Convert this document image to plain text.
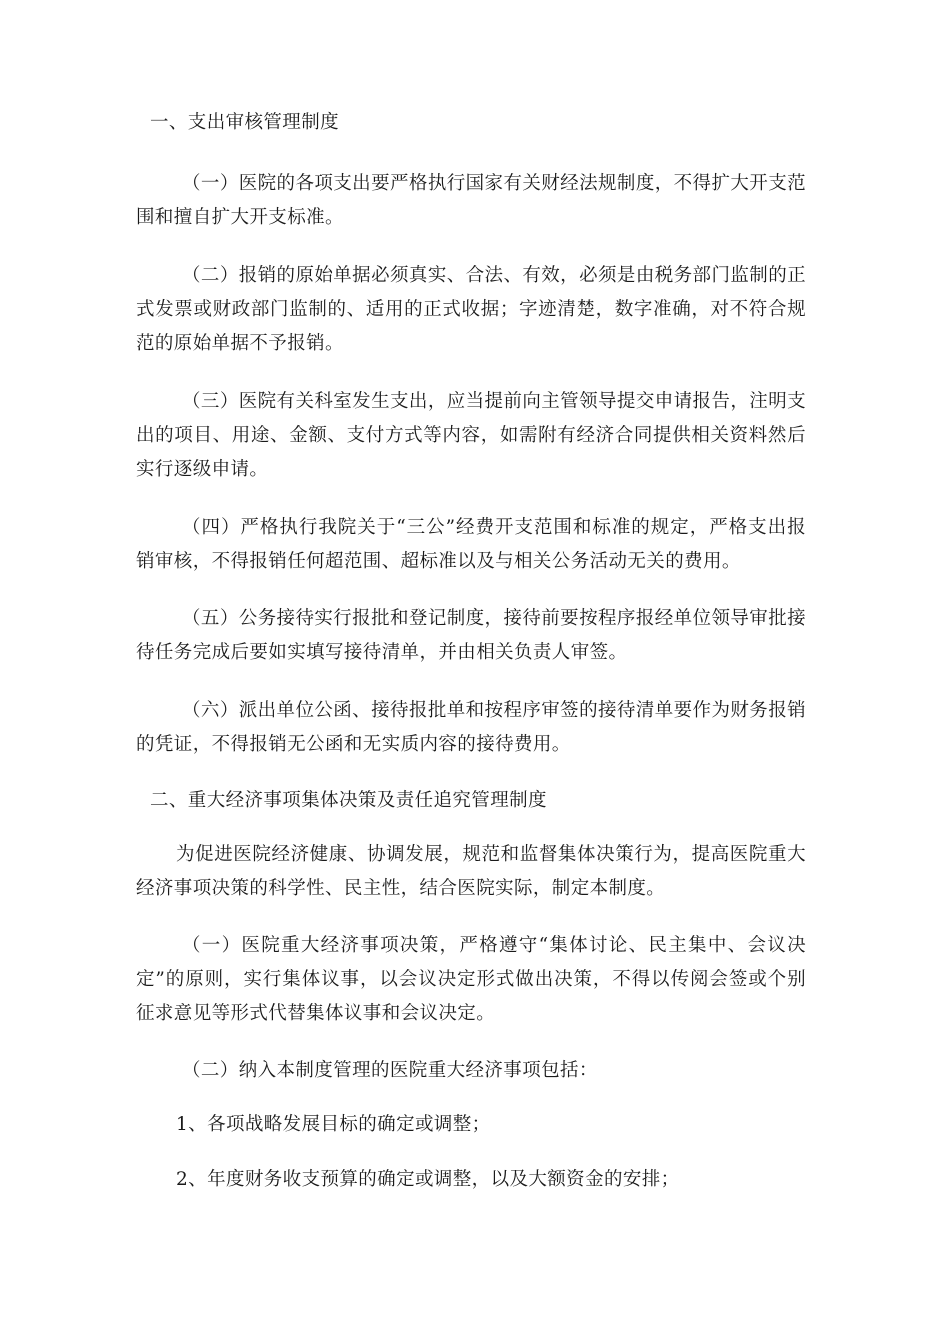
一、支出审核管理制度
（一）医院的各项支出要严格执行国家有关财经法规制度，不得扩大开支范
围和擅自扩大开支标准。
（二）报销的原始单据必须真实、合法、有效，必须是由税务部门监制的正
式发票或财政部门监制的、适用的正式收据；字迹清楚，数字准确，对不符合规
范的原始单据不予报销。
（三）医院有关科室发生支出，应当提前向主管领导提交申请报告，注明支
出的项目、用途、金额、支付方式等内容，如需附有经济合同提供相关资料然后
实行逐级申请。
（四）严格执行我院关于“三公”经费开支范围和标准的规定，严格支出报
销审核，不得报销任何超范围、超标准以及与相关公务活动无关的费用。
（五）公务接待实行报批和登记制度，接待前要按程序报经单位领导审批接
待任务完成后要如实填写接待清单，并由相关负责人审签。
（六）派出单位公函、接待报批单和按程序审签的接待清单要作为财务报销
的凭证，不得报销无公函和无实质内容的接待费用。
二、重大经济事项集体决策及责任追究管理制度
为促进医院经济健康、协调发展，规范和监督集体决策行为，提高医院重大
经济事项决策的科学性、民主性，结合医院实际，制定本制度。
（一）医院重大经济事项决策，严格遵守“集体讨论、民主集中、会议决
定”的原则，实行集体议事，以会议决定形式做出决策，不得以传阅会签或个别
征求意见等形式代替集体议事和会议决定。
（二）纳入本制度管理的医院重大经济事项包括：
1、各项战略发展目标的确定或调整；
2、年度财务收支预算的确定或调整，以及大额资金的安排；
